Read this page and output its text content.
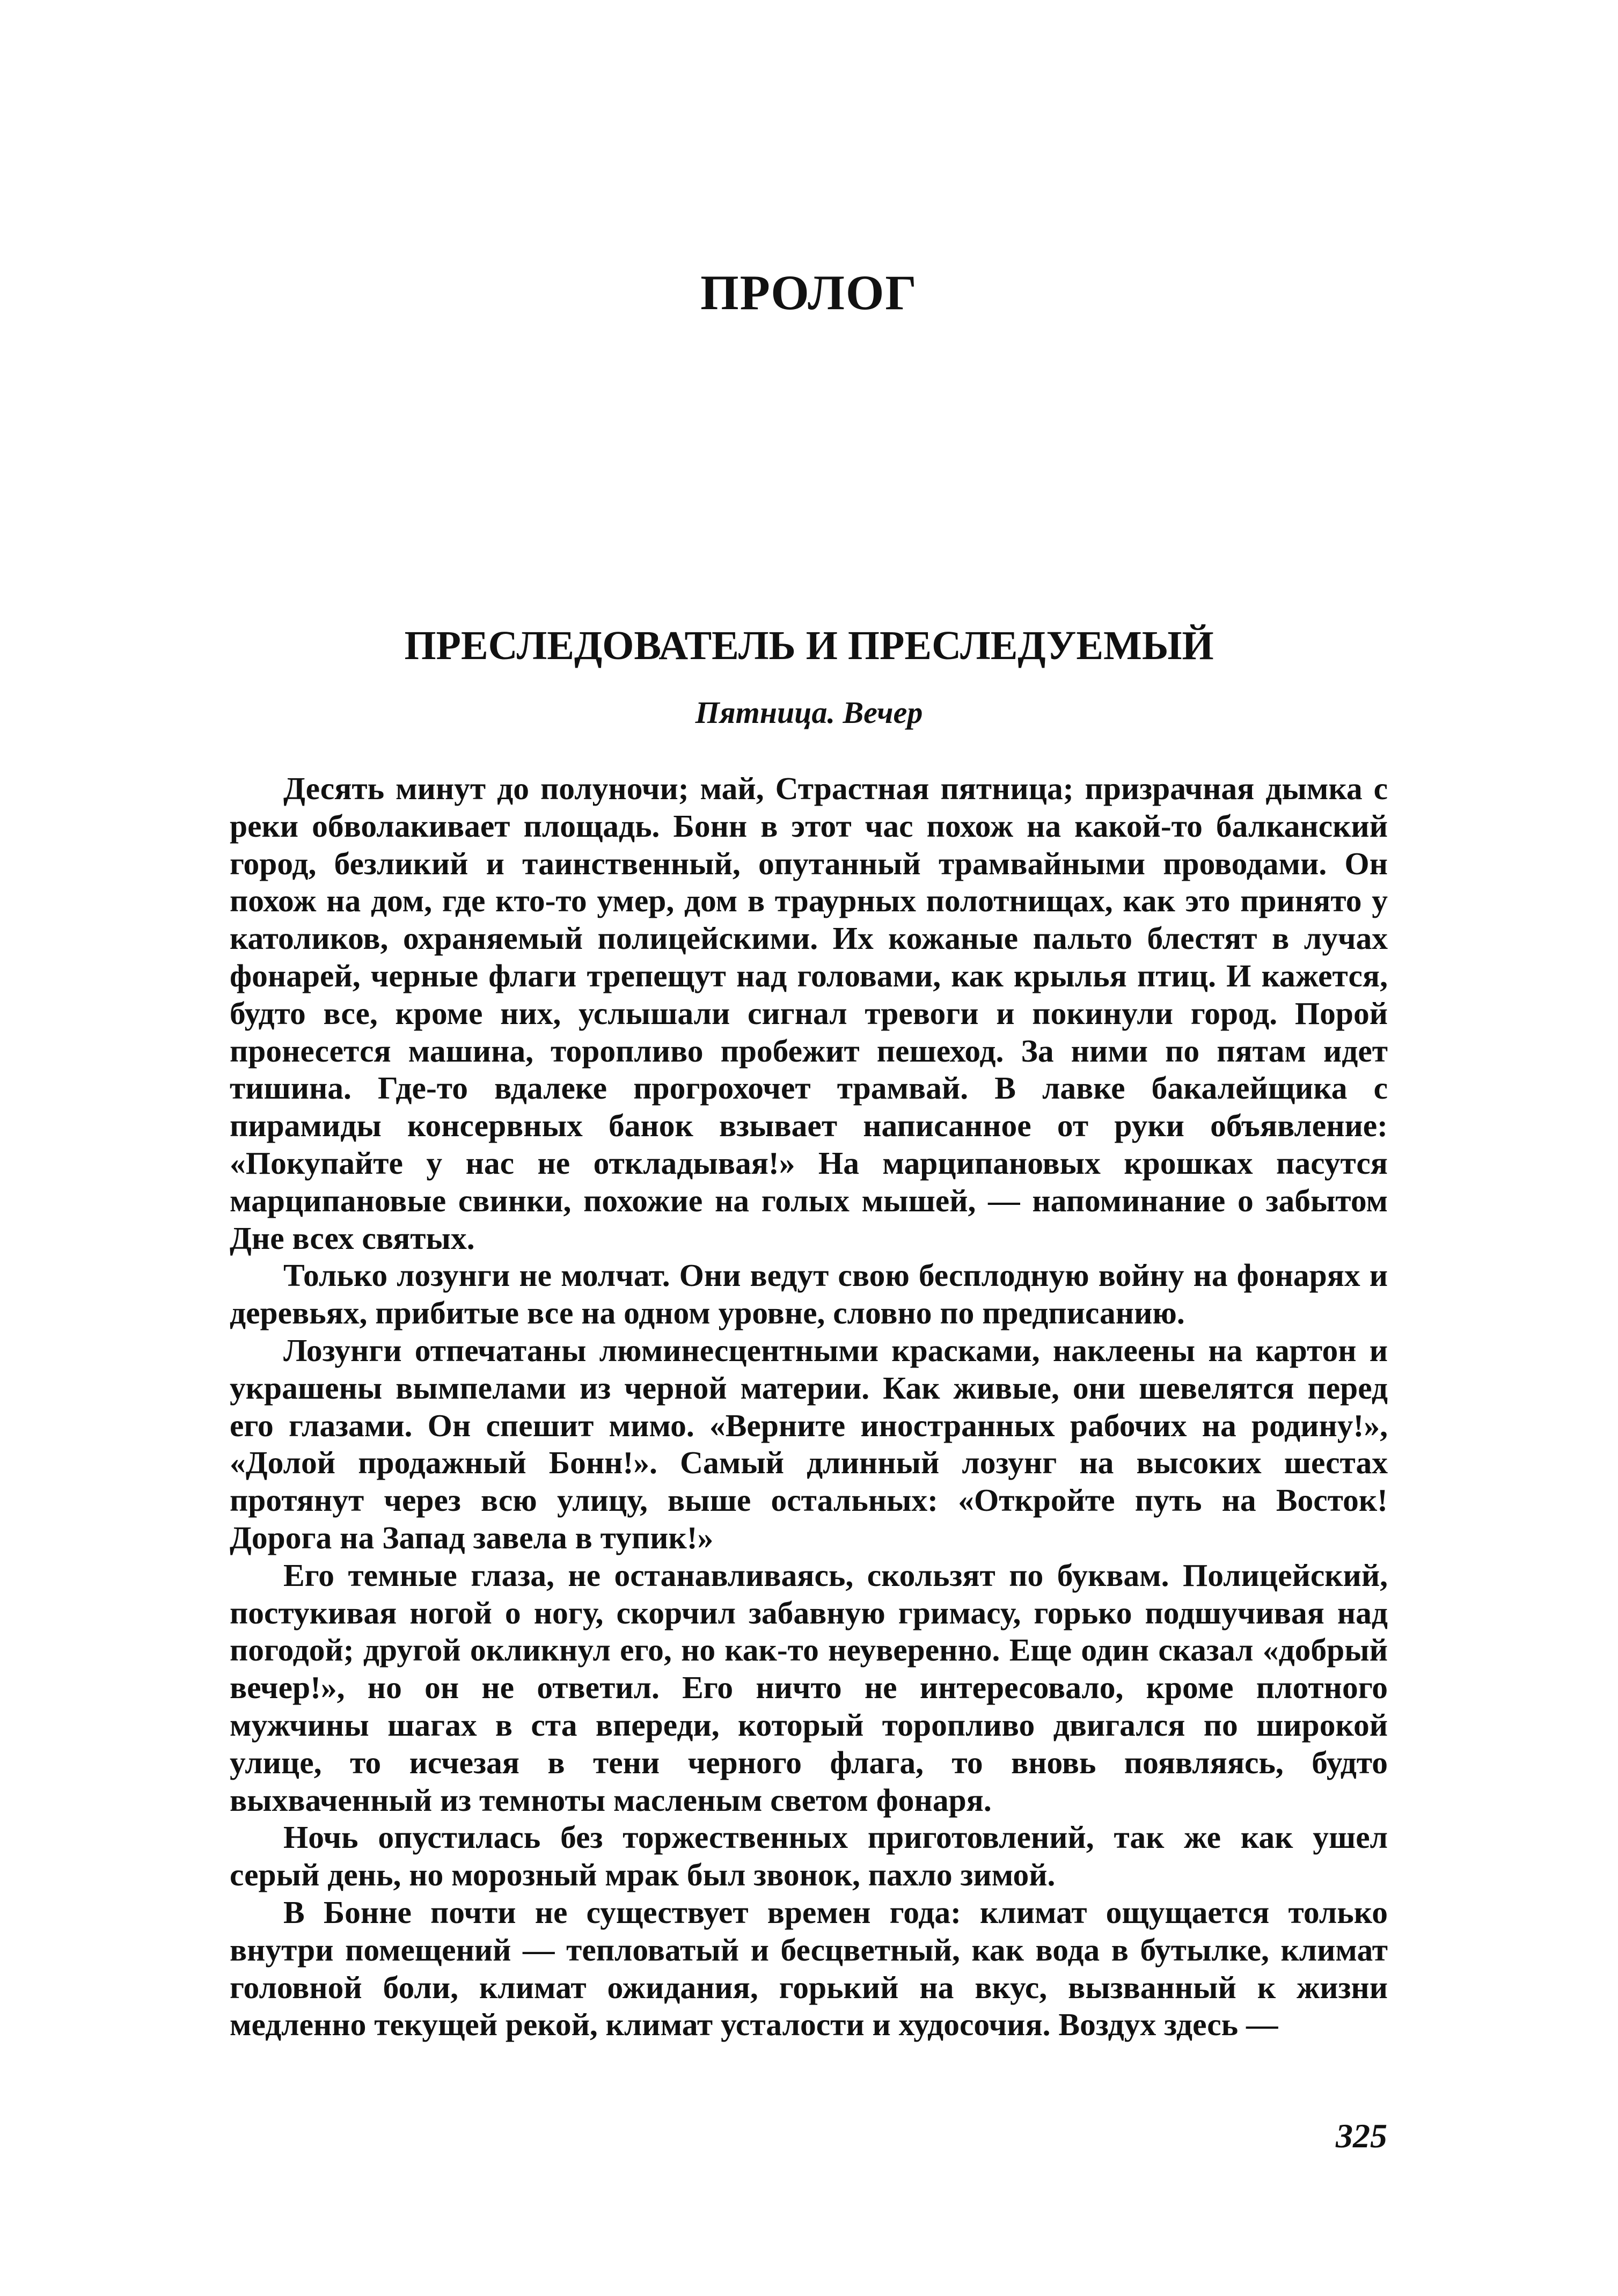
ПРОЛОГ
ПРЕСЛЕДОВАТЕЛЬ И ПРЕСЛЕДУЕМЫЙ
Пятница. Вечер

Десять минут до полуночи; май, Страстная пятница; призрачная дымка с реки обволакивает площадь. Бонн в этот час похож на какой-то балканский город, безликий и таинственный, опутанный трамвайными проводами. Он похож на дом, где кто-то умер, дом в траурных полотнищах, как это принято у католиков, охраняемый полицейскими. Их кожаные пальто блестят в лучах фонарей, черные флаги трепещут над головами, как крылья птиц. И кажется, будто все, кроме них, услышали сигнал тревоги и покинули город. Порой пронесется машина, торопливо пробежит пешеход. За ними по пятам идет тишина. Где-то вдалеке прогрохочет трамвай. В лавке бакалейщика с пирамиды консервных банок взывает написанное от руки объявление: «Покупайте у нас не откладывая!» На марципановых крошках пасутся марципановые свинки, похожие на голых мышей, — напоминание о забытом Дне всех святых.

Только лозунги не молчат. Они ведут свою бесплодную войну на фонарях и деревьях, прибитые все на одном уровне, словно по предписанию.

Лозунги отпечатаны люминесцентными красками, наклеены на картон и украшены вымпелами из черной материи. Как живые, они шевелятся перед его глазами. Он спешит мимо. «Верните иностранных рабочих на родину!», «Долой продажный Бонн!». Самый длинный лозунг на высоких шестах протянут через всю улицу, выше остальных: «Откройте путь на Восток! Дорога на Запад завела в тупик!»

Его темные глаза, не останавливаясь, скользят по буквам. Полицейский, постукивая ногой о ногу, скорчил забавную гримасу, горько подшучивая над погодой; другой окликнул его, но как-то неуверенно. Еще один сказал «добрый вечер!», но он не ответил. Его ничто не интересовало, кроме плотного мужчины шагах в ста впереди, который торопливо двигался по широкой улице, то исчезая в тени черного флага, то вновь появляясь, будто выхваченный из темноты масленым светом фонаря.

Ночь опустилась без торжественных приготовлений, так же как ушел серый день, но морозный мрак был звонок, пахло зимой.

В Бонне почти не существует времен года: климат ощущается только внутри помещений — тепловатый и бесцветный, как вода в бутылке, климат головной боли, климат ожидания, горький на вкус, вызванный к жизни медленно текущей рекой, климат усталости и худосочия. Воздух здесь —

325
